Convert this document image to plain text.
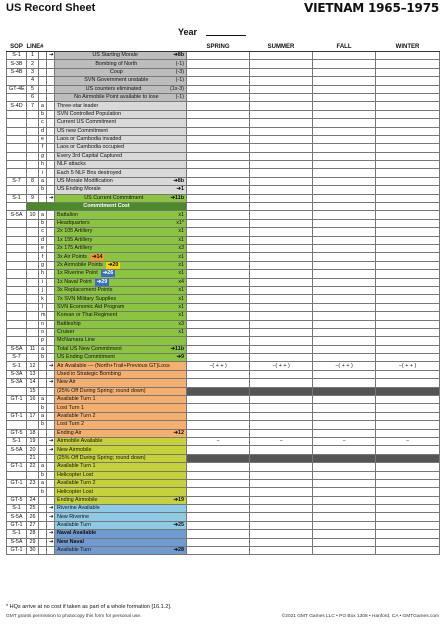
US Record Sheet	VIETNAM 1965–1975
Year
SOP	LINE#				SPRING	SUMMER	FALL	WINTER
S-1	1		➔	US Starting Morale ➔8b				

S-3B	2			Bombing of North (-1)				

S-4B	3			Coup (-3)				

	4			SVN Government unstable (-1)				

GT-4E	5			US counters eliminated (1x-3)				

	6			No Airmobile Point available to lose (-1)				

S-4D	7	a		Three-star leader				
		b		SVN Controlled Population				
		c		Current US Commitment				
		d		US new Commitment				
		e		Laos or Cambodia invaded				
		f		Laos or Cambodia occupied				
		g		Every 3rd Capital Captured				
		h		NLF attacks				
		i		Each 5 NLF Bns destroyed				
S-7	8	a		US Morale Modification ➔8b				

		b		US Ending Morale ➔1				

S-1	9		➔	US Current Commitment ➔11b				

	Commitment Cost							
S-5A	10	a		Battalion x1				

		b		Headquarters x1*				

		c		2x 105 Artillery x1				

		d		1x 155 Artillery x1				

		e		2x 175 Artillery x3				

		f		3x Air Points ➔14 x1				

		g		2x Airmobile Points ➔20 x1				

		h		1x Riverine Point ➔26 x1				

		i		1x Naval Point ➔29 x4				

		j		3x Replacement Points x1				

		k		7x SVN Military Supplies x1				

		l		SVN Economic Aid Program x1				

		m		Korean or Thai Regiment x1				

		n		Battleship x3				

		o		Cruiser x1				

		p		McNamara Line				
S-5A	11	a		Total US New Commitment ➔11b				

S-7		b		US Ending Commitment ➔9				

S-1	12		➔	Air Available — (North+Trail+Previous GT)Loss	−( + + )	−( + + )	−( + + )	−( + + )
S-3A	13			Used in Strategic Bombing				
S-3A	14		➔	New Air				
	15			(25% Off During Spring; round down)				
GT-1	16	a		Available Turn 1				
		b		Lost Turn 1				
GT-1	17	a		Available Turn 2				
		b		Lost Turn 2				
GT-5	18			Ending Air ➔12				

S-1	19		➔	Airmobile Available	−	−	−	−
S-5A	20		➔	New Airmobile				
	21			(25% Off During Spring; round down)				
GT-1	22	a		Available Turn 1				
		b		Helicopter Lost				
GT-1	23	a		Available Turn 2				
		b		Helicopter Lost				
GT-5	24			Ending Airmobile ➔19				

S-1	25		➔	Riverine Available				
S-5A	26		➔	New Riverine				
GT-1	27			Available Turn ➔25				

S-1	28		➔	Naval Available				
S-5A	29		➔	New Naval				
GT-1	30			Available Turn ➔28				

* HQs arrive at no cost if taken as part of a whole formation [16.1.2].
GMT grants permission to photocopy this form for personal use.	©2021 GMT Games LLC • PO Box 1308 • Hanford, CA • GMTGames.com
